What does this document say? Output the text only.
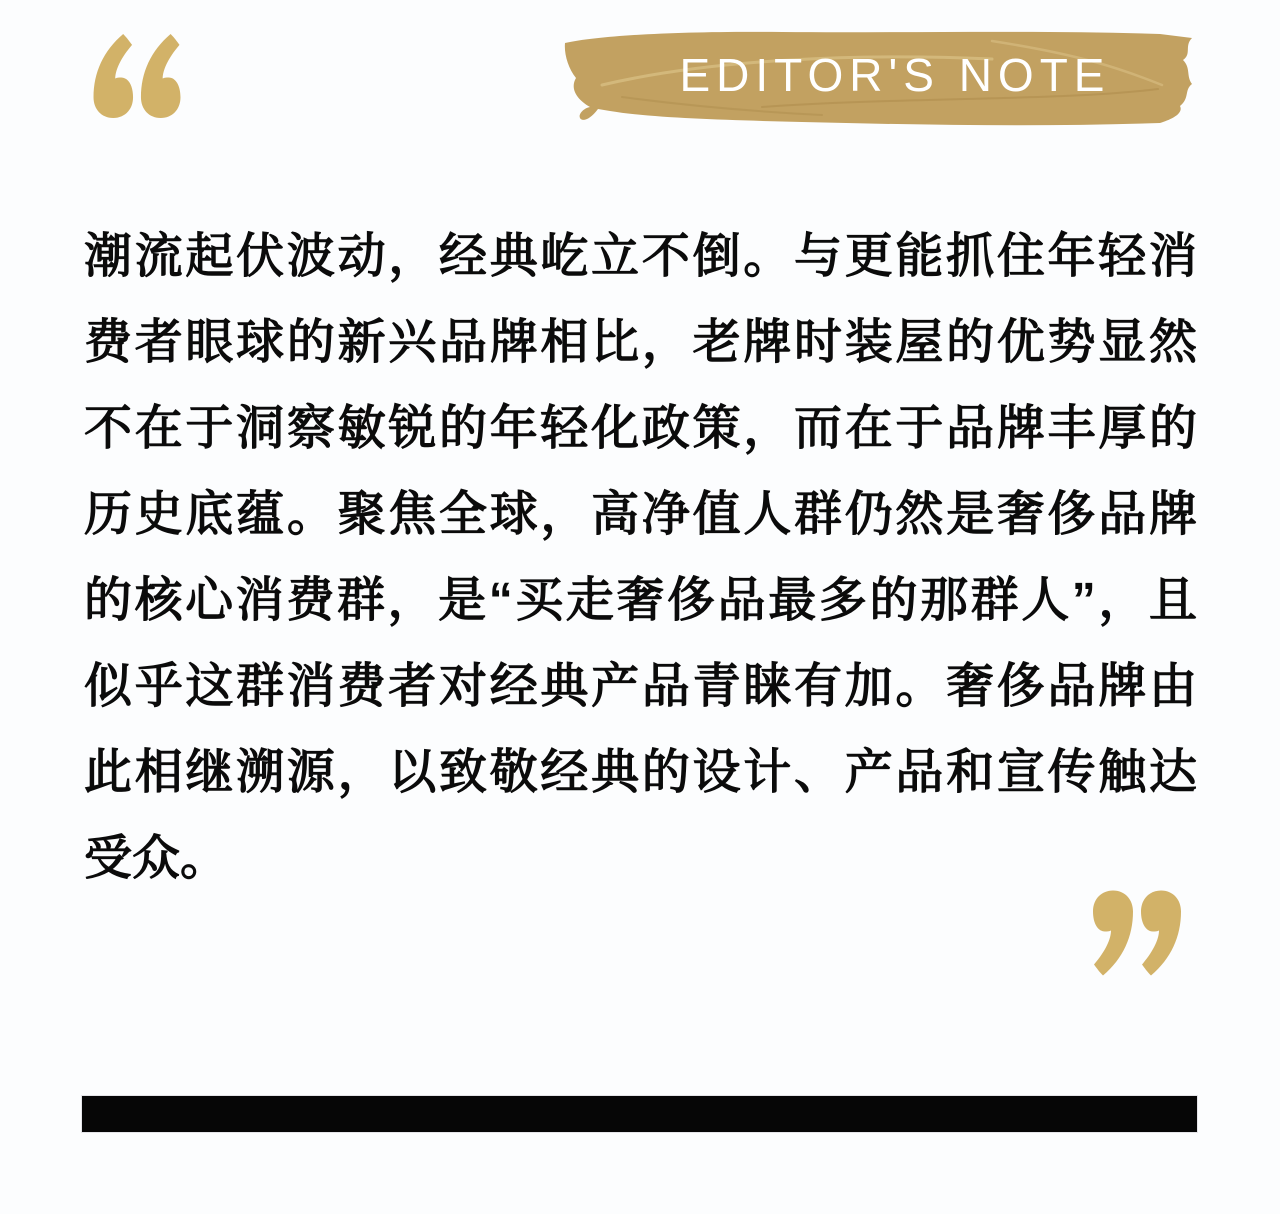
EDITOR'S NOTE
潮流起伏波动，经典屹立不倒。与更能抓住年轻消
费者眼球的新兴品牌相比，老牌时装屋的优势显然
不在于洞察敏锐的年轻化政策，而在于品牌丰厚的
历史底蕴。聚焦全球，高净值人群仍然是奢侈品牌
的核心消费群，是“买走奢侈品最多的那群人”，且
似乎这群消费者对经典产品青睐有加。奢侈品牌由
此相继溯源，以致敬经典的设计、产品和宣传触达
受众。
